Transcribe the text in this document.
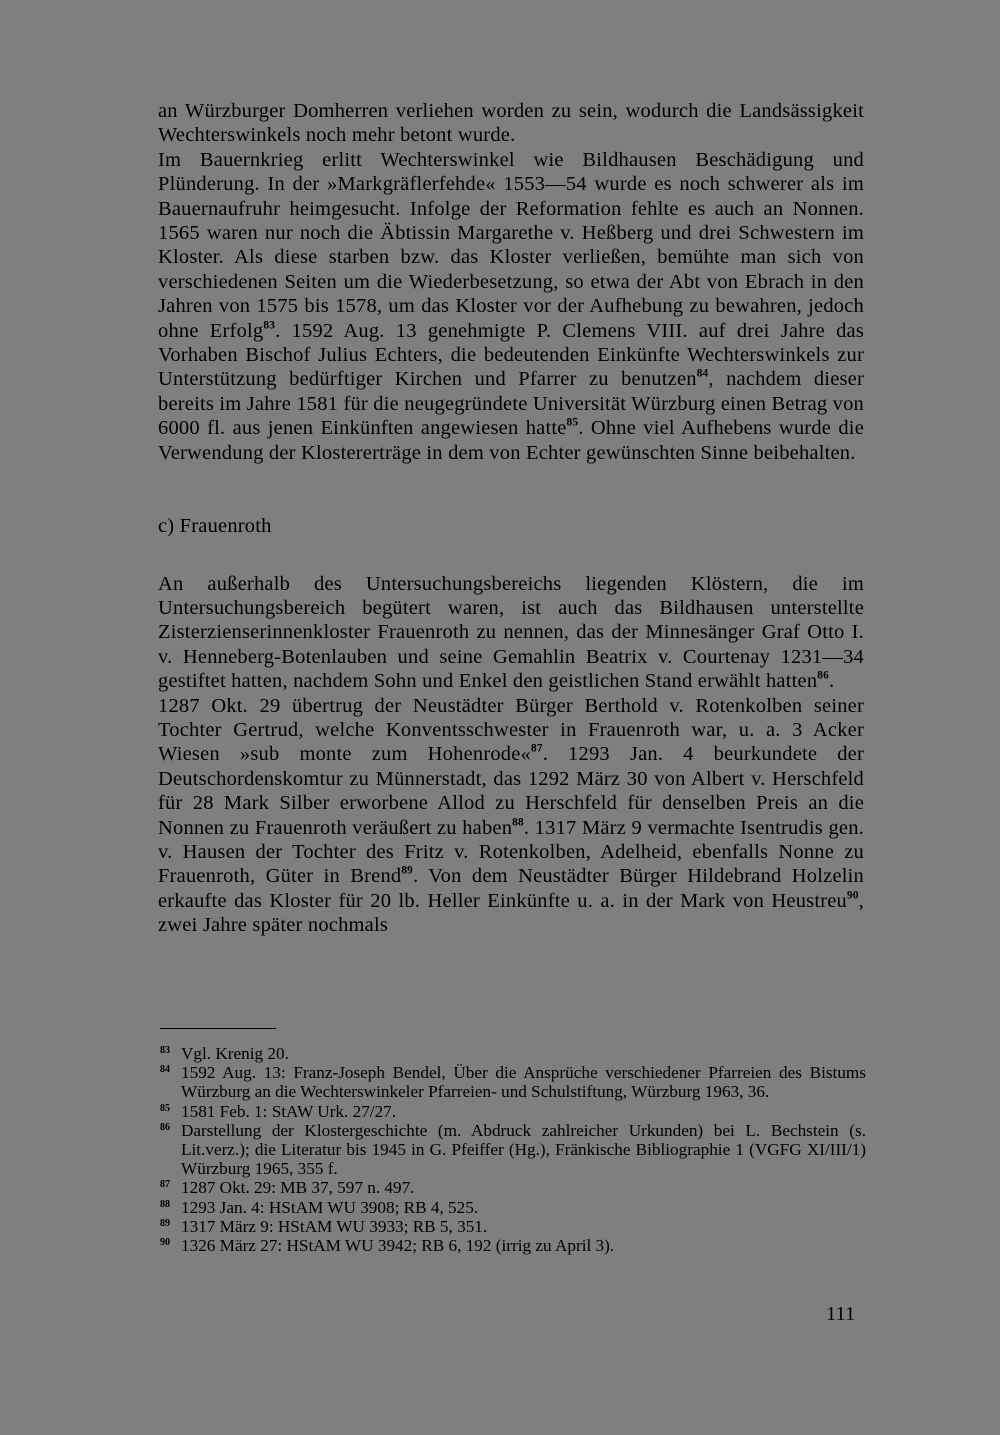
an Würzburger Domherren verliehen worden zu sein, wodurch die Landsässigkeit Wechterswinkels noch mehr betont wurde.

Im Bauernkrieg erlitt Wechterswinkel wie Bildhausen Beschädigung und Plünderung. In der »Markgräflerfehde« 1553—54 wurde es noch schwerer als im Bauernaufruhr heimgesucht. Infolge der Reformation fehlte es auch an Nonnen. 1565 waren nur noch die Äbtissin Margarethe v. Heßberg und drei Schwestern im Kloster. Als diese starben bzw. das Kloster verließen, bemühte man sich von verschiedenen Seiten um die Wiederbesetzung, so etwa der Abt von Ebrach in den Jahren von 1575 bis 1578, um das Kloster vor der Aufhebung zu bewahren, jedoch ohne Erfolg$^{83}$. 1592 Aug. 13 genehmigte P. Clemens VIII. auf drei Jahre das Vorhaben Bischof Julius Echters, die bedeutenden Einkünfte Wechterswinkels zur Unterstützung bedürftiger Kirchen und Pfarrer zu benutzen$^{84}$, nachdem dieser bereits im Jahre 1581 für die neugegründete Universität Würzburg einen Betrag von 6000 fl. aus jenen Einkünften angewiesen hatte$^{85}$. Ohne viel Aufhebens wurde die Verwendung der Klostererträge in dem von Echter gewünschten Sinne beibehalten.

c) Frauenroth

An außerhalb des Untersuchungsbereichs liegenden Klöstern, die im Untersuchungsbereich begütert waren, ist auch das Bildhausen unterstellte Zisterzienserinnenkloster Frauenroth zu nennen, das der Minnesänger Graf Otto I. v. Henneberg-Botenlauben und seine Gemahlin Beatrix v. Courtenay 1231—34 gestiftet hatten, nachdem Sohn und Enkel den geistlichen Stand erwählt hatten$^{86}$.

1287 Okt. 29 übertrug der Neustädter Bürger Berthold v. Rotenkolben seiner Tochter Gertrud, welche Konventsschwester in Frauenroth war, u. a. 3 Acker Wiesen »sub monte zum Hohenrode«$^{87}$. 1293 Jan. 4 beurkundete der Deutschordenskomtur zu Münnerstadt, das 1292 März 30 von Albert v. Herschfeld für 28 Mark Silber erworbene Allod zu Herschfeld für denselben Preis an die Nonnen zu Frauenroth veräußert zu haben$^{88}$. 1317 März 9 vermachte Isentrudis gen. v. Hausen der Tochter des Fritz v. Rotenkolben, Adelheid, ebenfalls Nonne zu Frauenroth, Güter in Brend$^{89}$. Von dem Neustädter Bürger Hildebrand Holzelin erkaufte das Kloster für 20 lb. Heller Einkünfte u. a. in der Mark von Heustreu$^{90}$, zwei Jahre später nochmals

83 Vgl. Krenig 20.
84 1592 Aug. 13: Franz-Joseph Bendel, Über die Ansprüche verschiedener Pfarreien des Bistums Würzburg an die Wechterswinkeler Pfarreien- und Schulstiftung, Würzburg 1963, 36.
85 1581 Feb. 1: StAW Urk. 27/27.
86 Darstellung der Klostergeschichte (m. Abdruck zahlreicher Urkunden) bei L. Bechstein (s. Lit.verz.); die Literatur bis 1945 in G. Pfeiffer (Hg.), Fränkische Bibliographie 1 (VGFG XI/III/1) Würzburg 1965, 355 f.
87 1287 Okt. 29: MB 37, 597 n. 497.
88 1293 Jan. 4: HStAM WU 3908; RB 4, 525.
89 1317 März 9: HStAM WU 3933; RB 5, 351.
90 1326 März 27: HStAM WU 3942; RB 6, 192 (irrig zu April 3).
111
